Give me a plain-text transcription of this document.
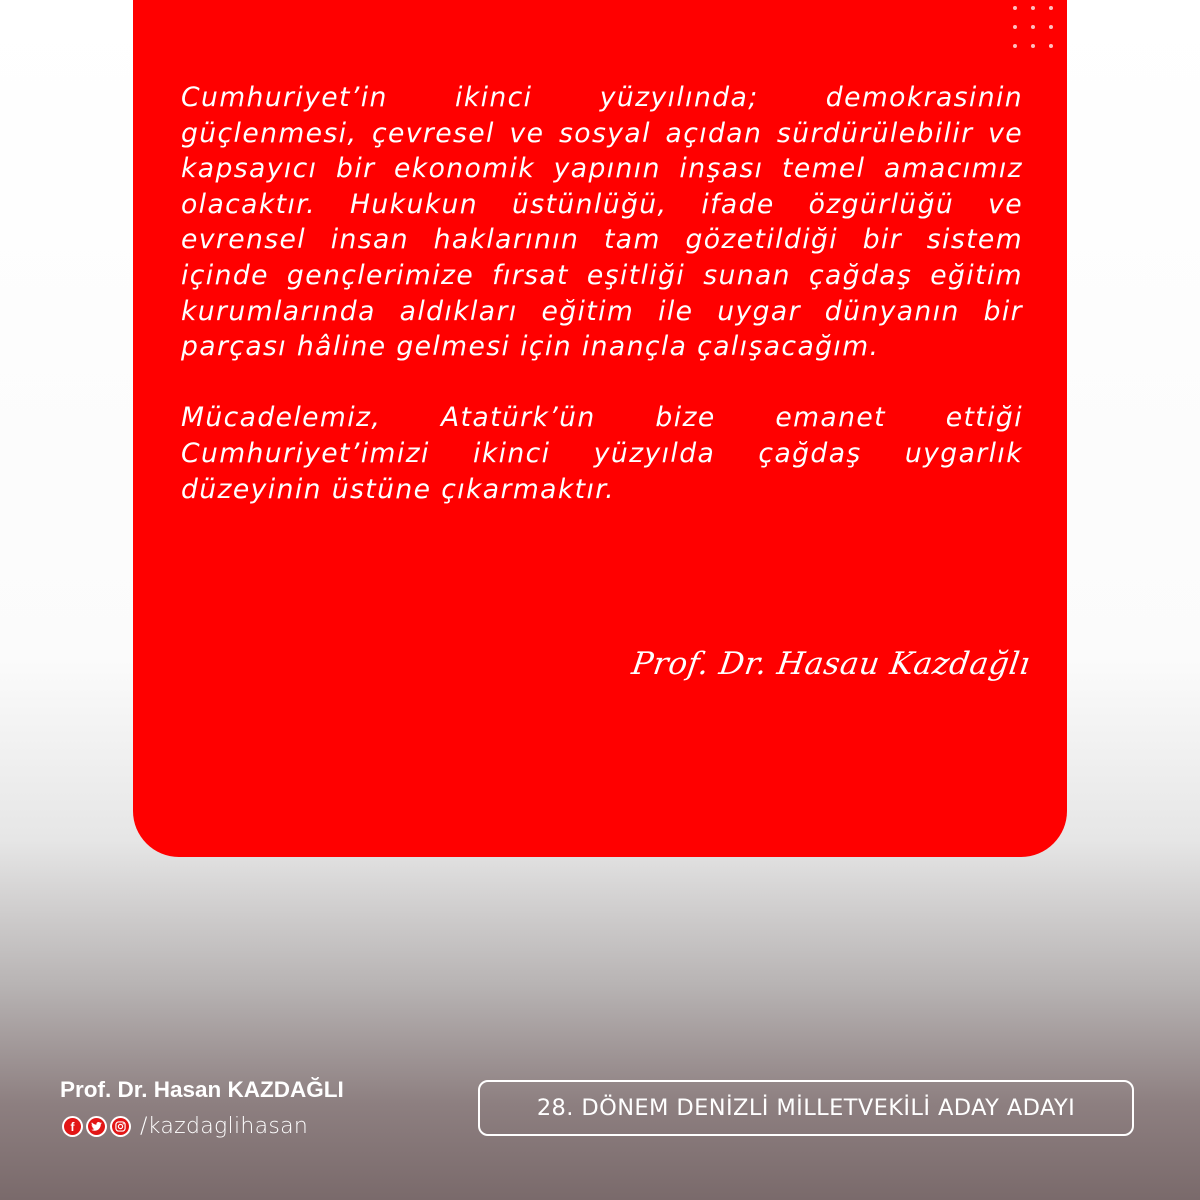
Cumhuriyet’in ikinci yüzyılında; demokrasinin güçlenmesi, çevresel ve sosyal açıdan sürdürülebilir ve kapsayıcı bir ekonomik yapının inşası temel amacımız olacaktır. Hukukun üstünlüğü, ifade özgürlüğü ve evrensel insan haklarının tam gözetildiği bir sistem içinde gençlerimize fırsat eşitliği sunan çağdaş eğitim kurumlarında aldıkları eğitim ile uygar dünyanın bir parçası hâline gelmesi için inançla çalışacağım.

Mücadelemiz, Atatürk’ün bize emanet ettiği Cumhuriyet’imizi ikinci yüzyılda çağdaş uygarlık düzeyinin üstüne çıkarmaktır.

Prof. Dr. Hasau Kazdağlı
Prof. Dr. Hasan KAZDAĞLI
f	/kazdaglihasan
28. DÖNEM DENİZLİ MİLLETVEKİLİ ADAY ADAYI
